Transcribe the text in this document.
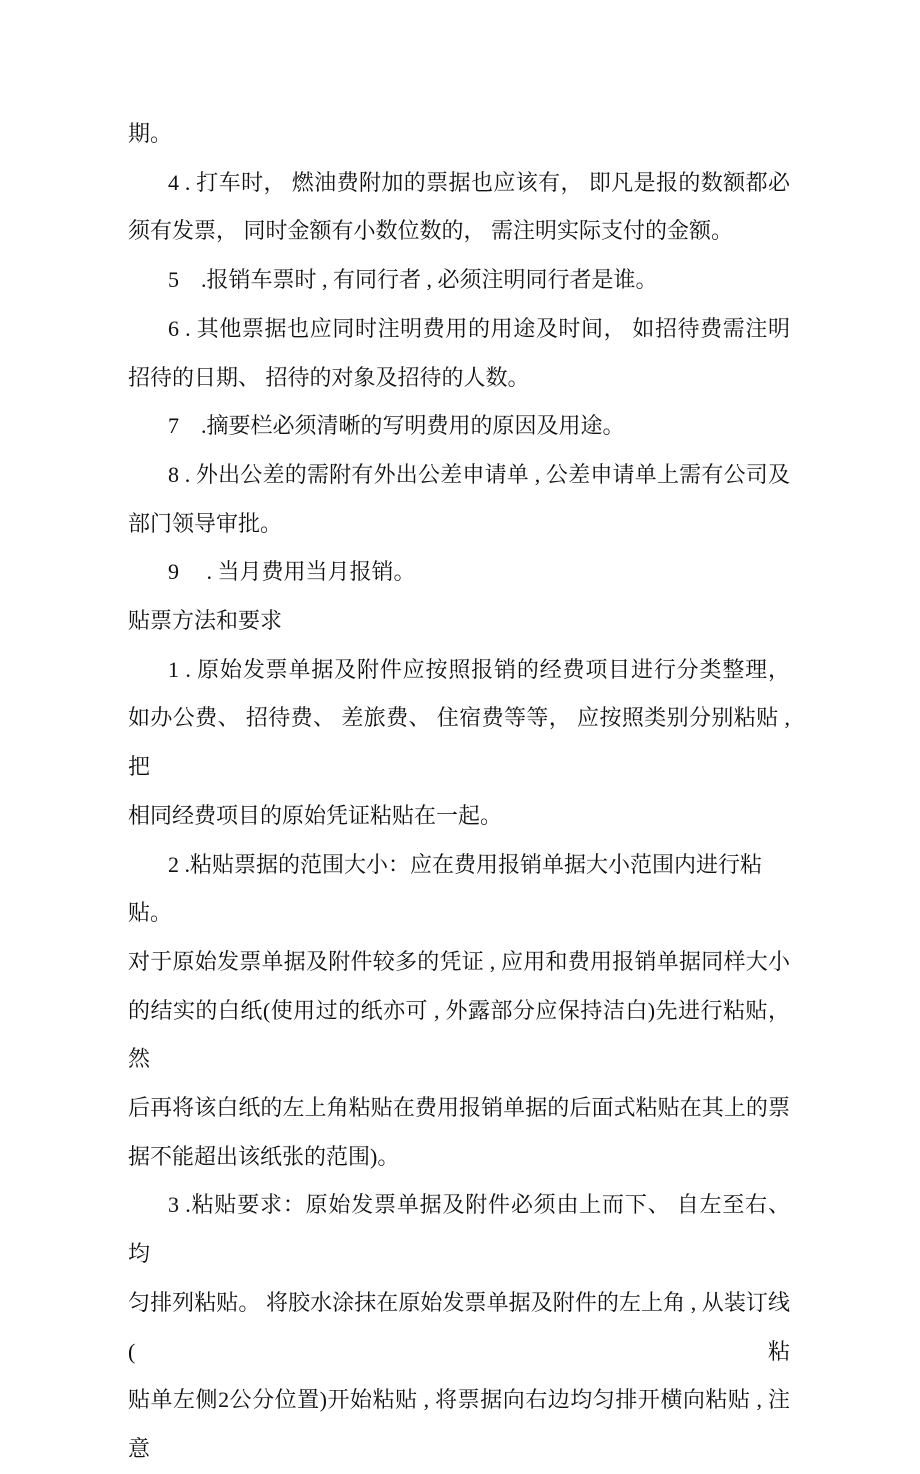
期。
4 . 打车时， 燃油费附加的票据也应该有， 即凡是报的数额都必
须有发票， 同时金额有小数位数的， 需注明实际支付的金额。
5　.报销车票时 , 有同行者 , 必须注明同行者是谁。
6 . 其他票据也应同时注明费用的用途及时间， 如招待费需注明
招待的日期、 招待的对象及招待的人数。
7　.摘要栏必须清晰的写明费用的原因及用途。
8 . 外出公差的需附有外出公差申请单 , 公差申请单上需有公司及
部门领导审批。
9　 . 当月费用当月报销。
贴票方法和要求
1 . 原始发票单据及附件应按照报销的经费项目进行分类整理，
如办公费、 招待费、 差旅费、 住宿费等等， 应按照类别分别粘贴 , 把
相同经费项目的原始凭证粘贴在一起。
2 .粘贴票据的范围大小：应在费用报销单据大小范围内进行粘贴。
对于原始发票单据及附件较多的凭证 , 应用和费用报销单据同样大小
的结实的白纸(使用过的纸亦可 , 外露部分应保持洁白)先进行粘贴， 然
后再将该白纸的左上角粘贴在费用报销单据的后面式粘贴在其上的票
据不能超出该纸张的范围)。
3 .粘贴要求：原始发票单据及附件必须由上而下、 自左至右、 均
匀排列粘贴。 将胶水涂抹在原始发票单据及附件的左上角 , 从装订线(粘
贴单左侧2公分位置)开始粘贴 , 将票据向右边均匀排开横向粘贴 , 注意
